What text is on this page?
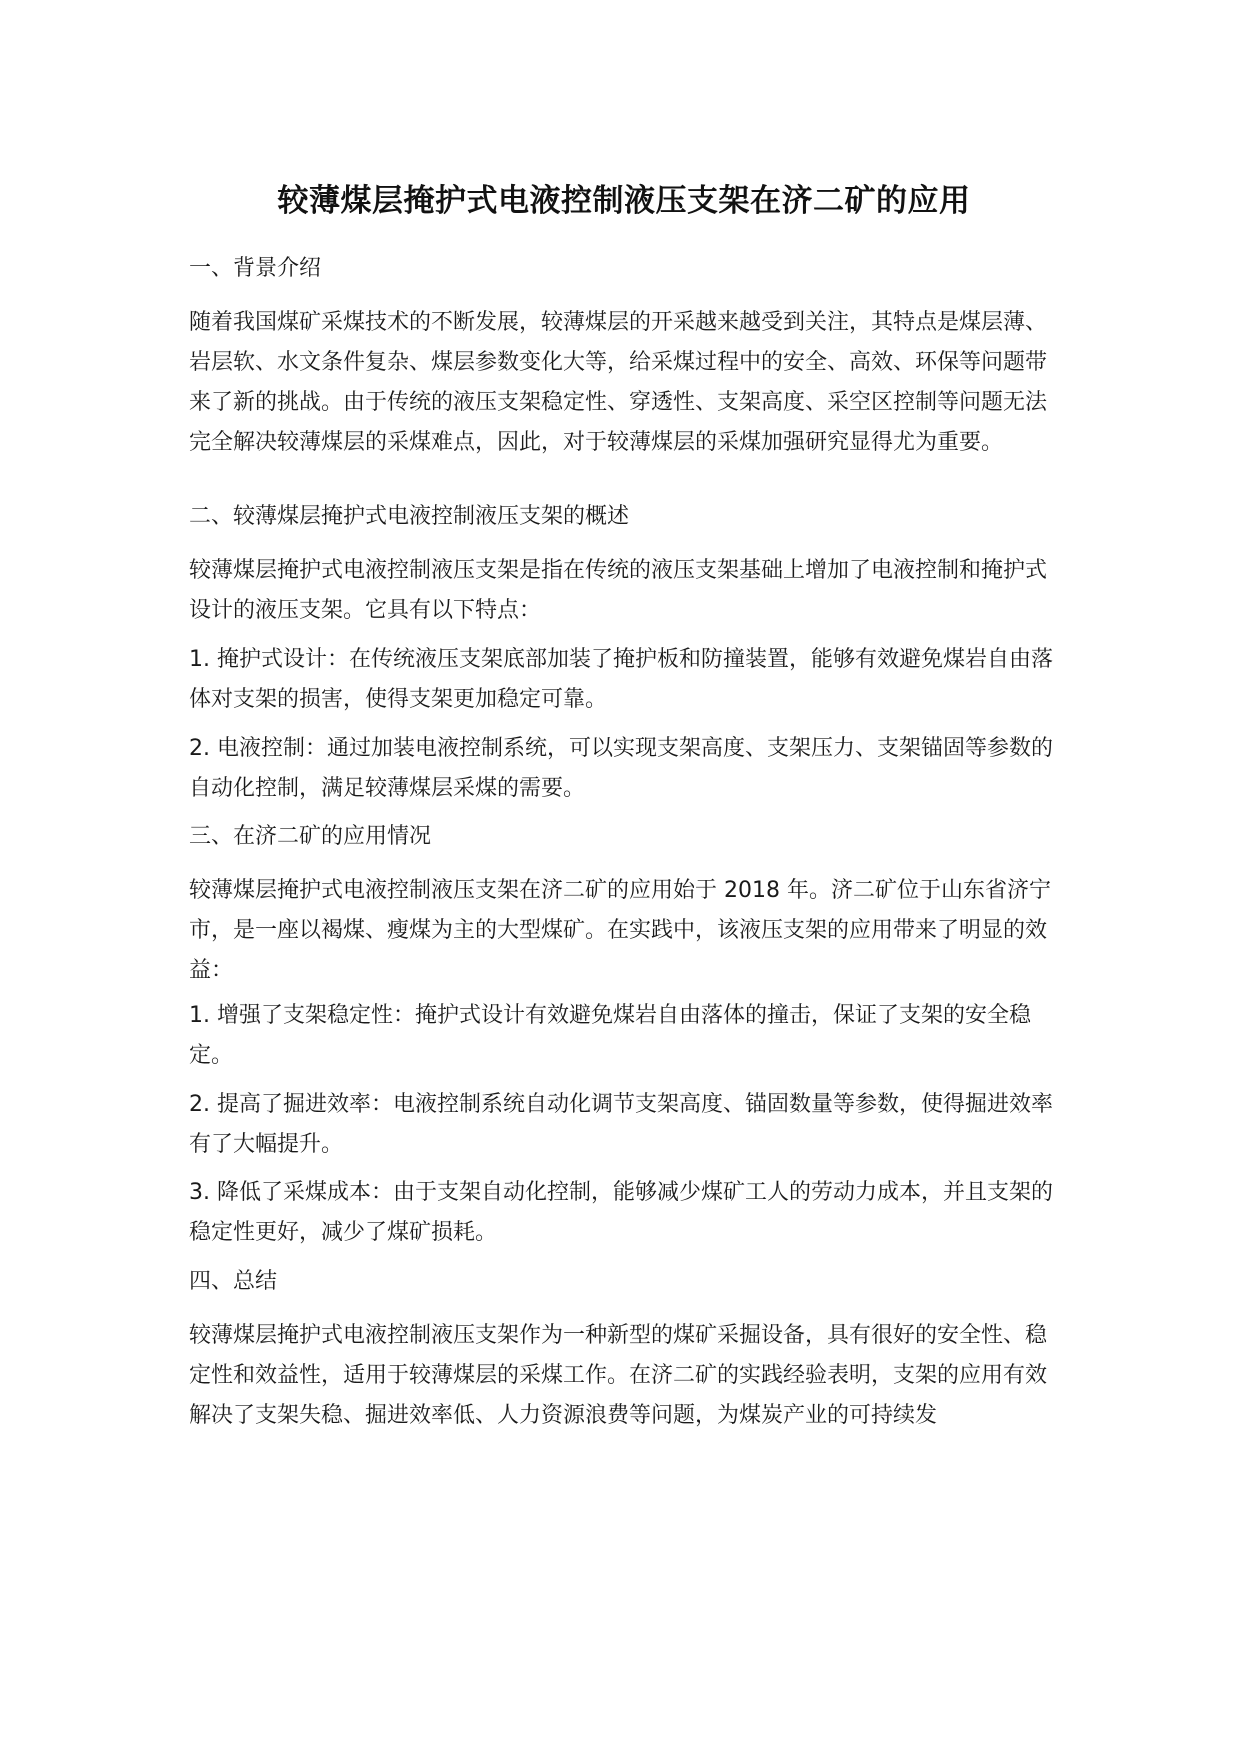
较薄煤层掩护式电液控制液压支架在济二矿的应用

一、背景介绍

随着我国煤矿采煤技术的不断发展，较薄煤层的开采越来越受到关注，其特点是煤层薄、岩层软、水文条件复杂、煤层参数变化大等，给采煤过程中的安全、高效、环保等问题带来了新的挑战。由于传统的液压支架稳定性、穿透性、支架高度、采空区控制等问题无法完全解决较薄煤层的采煤难点，因此，对于较薄煤层的采煤加强研究显得尤为重要。

二、较薄煤层掩护式电液控制液压支架的概述

较薄煤层掩护式电液控制液压支架是指在传统的液压支架基础上增加了电液控制和掩护式设计的液压支架。它具有以下特点：

1. 掩护式设计：在传统液压支架底部加装了掩护板和防撞装置，能够有效避免煤岩自由落体对支架的损害，使得支架更加稳定可靠。

2. 电液控制：通过加装电液控制系统，可以实现支架高度、支架压力、支架锚固等参数的自动化控制，满足较薄煤层采煤的需要。

三、在济二矿的应用情况

较薄煤层掩护式电液控制液压支架在济二矿的应用始于 2018 年。济二矿位于山东省济宁市，是一座以褐煤、瘦煤为主的大型煤矿。在实践中，该液压支架的应用带来了明显的效益：

1. 增强了支架稳定性：掩护式设计有效避免煤岩自由落体的撞击，保证了支架的安全稳定。

2. 提高了掘进效率：电液控制系统自动化调节支架高度、锚固数量等参数，使得掘进效率有了大幅提升。

3. 降低了采煤成本：由于支架自动化控制，能够减少煤矿工人的劳动力成本，并且支架的稳定性更好，减少了煤矿损耗。

四、总结

较薄煤层掩护式电液控制液压支架作为一种新型的煤矿采掘设备，具有很好的安全性、稳定性和效益性，适用于较薄煤层的采煤工作。在济二矿的实践经验表明，支架的应用有效解决了支架失稳、掘进效率低、人力资源浪费等问题，为煤炭产业的可持续发
